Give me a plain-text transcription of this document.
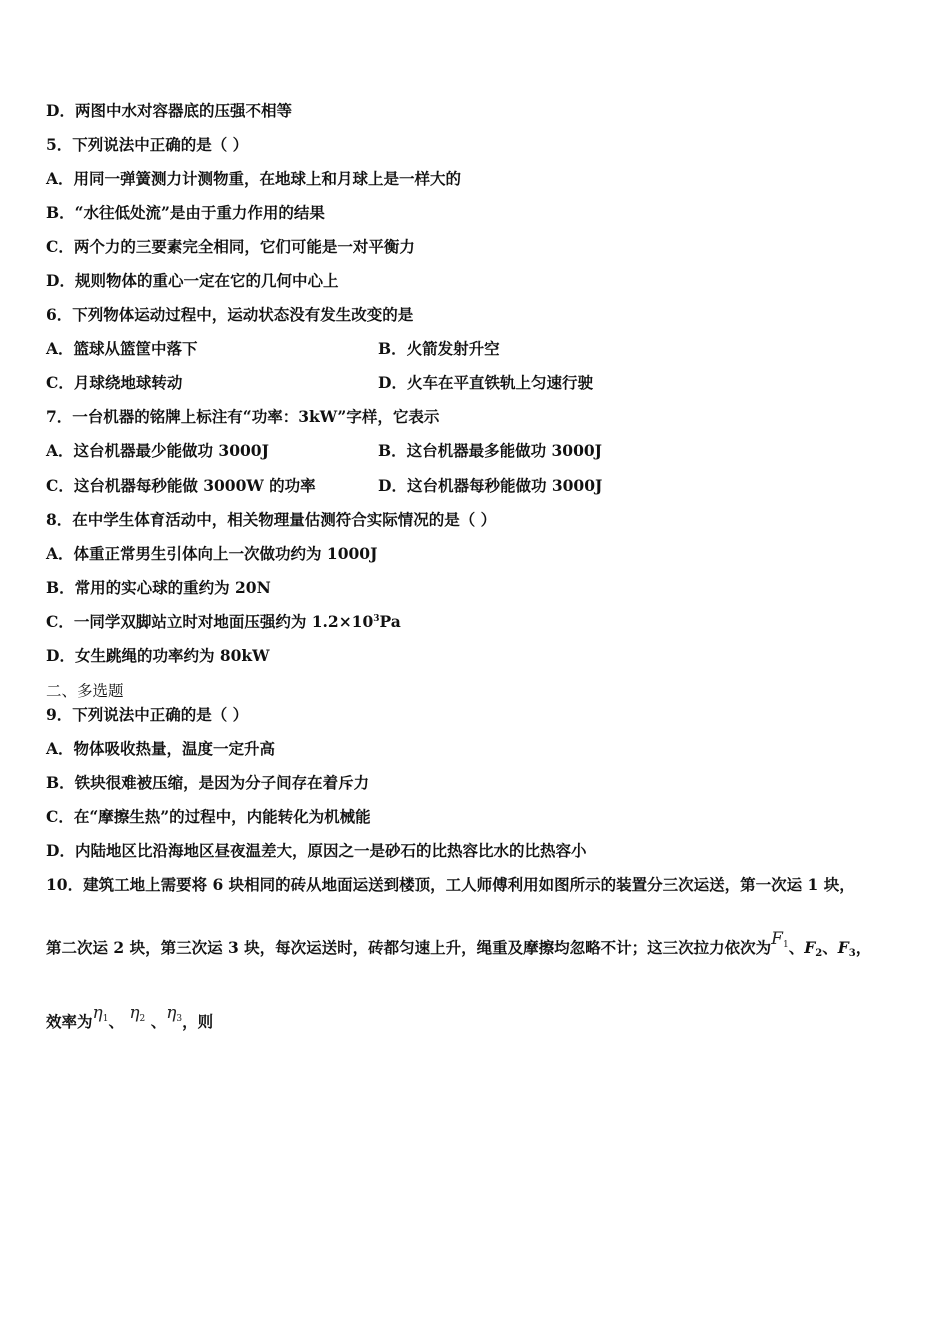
D．两图中水对容器底的压强不相等
5．下列说法中正确的是（ ）
A．用同一弹簧测力计测物重，在地球上和月球上是一样大的
B．“水往低处流”是由于重力作用的结果
C．两个力的三要素完全相同，它们可能是一对平衡力
D．规则物体的重心一定在它的几何中心上
6．下列物体运动过程中，运动状态没有发生改变的是
A．篮球从篮筐中落下	B．火箭发射升空
C．月球绕地球转动	D．火车在平直铁轨上匀速行驶
7．一台机器的铭牌上标注有“功率：3kW”字样，它表示
A．这台机器最少能做功 3000J	B．这台机器最多能做功 3000J
C．这台机器每秒能做 3000W 的功率	D．这台机器每秒能做功 3000J
8．在中学生体育活动中，相关物理量估测符合实际情况的是（ ）
A．体重正常男生引体向上一次做功约为 1000J
B．常用的实心球的重约为 20N
C．一同学双脚站立时对地面压强约为 $1.2\times 10^3Pa$
D．女生跳绳的功率约为 80kW
二、多选题
9．下列说法中正确的是（ ）
A．物体吸收热量，温度一定升高
B．铁块很难被压缩，是因为分子间存在着斥力
C．在“摩擦生热”的过程中，内能转化为机械能
D．内陆地区比沿海地区昼夜温差大，原因之一是砂石的比热容比水的比热容小
10．建筑工地上需要将 6 块相同的砖从地面运送到楼顶，工人师傅利用如图所示的装置分三次运送，第一次运 1 块，
第二次运 2 块，第三次运 3 块，每次运送时，砖都匀速上升，绳重及摩擦均忽略不计；这三次拉力依次为$F_1$、$F_2$、$F_3$，
效率为$\eta_1$、 $\eta_2$ 、$\eta_3$，则
